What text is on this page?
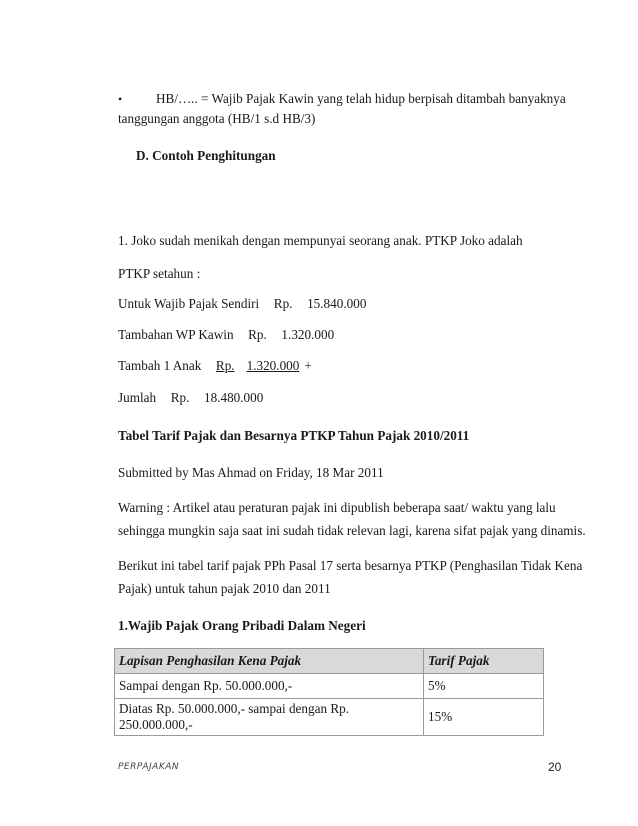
•	HB/….. = Wajib Pajak Kawin yang telah hidup berpisah ditambah banyaknya
tanggungan anggota (HB/1 s.d HB/3)
D. Contoh Penghitungan
1. Joko sudah menikah dengan mempunyai seorang anak. PTKP Joko adalah
PTKP setahun :
Untuk Wajib Pajak Sendiri Rp. 15.840.000
Tambahan WP Kawin Rp. 1.320.000
Tambah 1 Anak Rp. 1.320.000 +
Jumlah Rp. 18.480.000
Tabel Tarif Pajak dan Besarnya PTKP Tahun Pajak 2010/2011
Submitted by Mas Ahmad on Friday, 18 Mar 2011
Warning : Artikel atau peraturan pajak ini dipublish beberapa saat/ waktu yang lalu
sehingga mungkin saja saat ini sudah tidak relevan lagi, karena sifat pajak yang dinamis.
Berikut ini tabel tarif pajak PPh Pasal 17 serta besarnya PTKP (Penghasilan Tidak Kena
Pajak) untuk tahun pajak 2010 dan 2011
1.Wajib Pajak Orang Pribadi Dalam Negeri
Lapisan Penghasilan Kena Pajak	Tarif Pajak
Sampai dengan Rp. 50.000.000,-	5%
Diatas Rp. 50.000.000,- sampai dengan Rp. 250.000.000,-	15%
PERPAJAKAN	20
